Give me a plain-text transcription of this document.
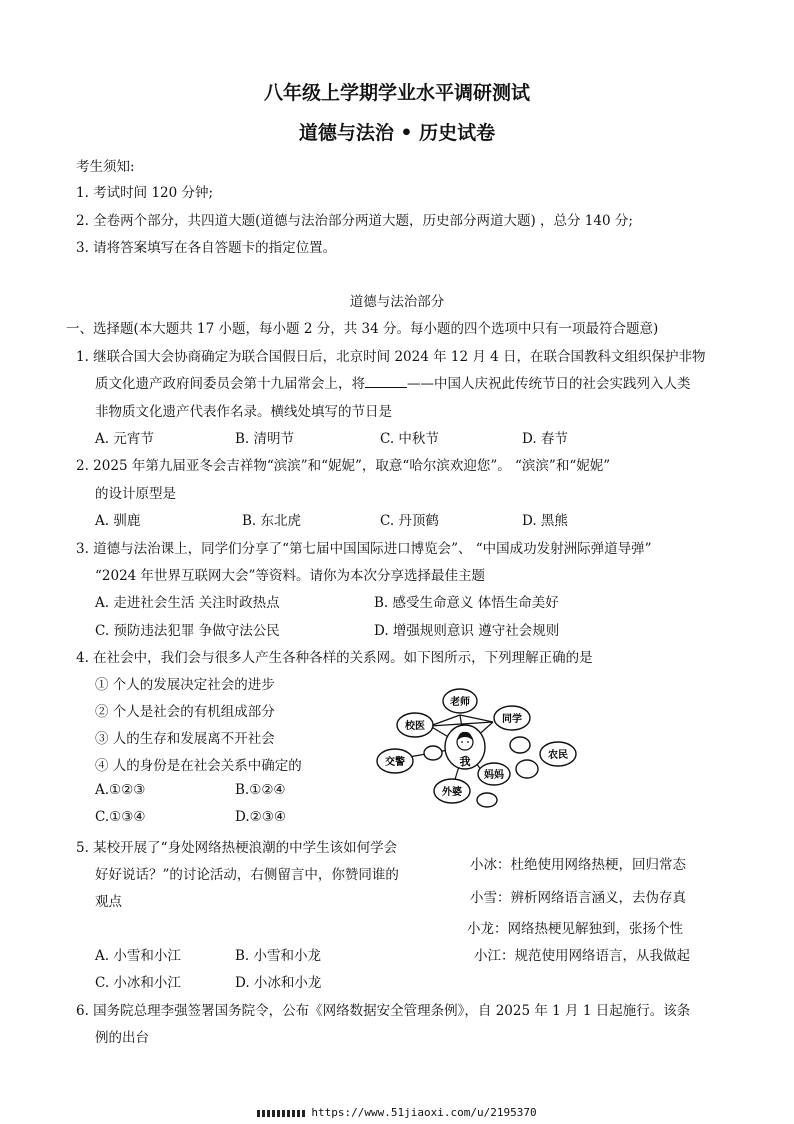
八年级上学期学业水平调研测试
道德与法治 • 历史试卷
考生须知:
1. 考试时间 120 分钟;
2. 全卷两个部分，共四道大题(道德与法治部分两道大题，历史部分两道大题) ，总分 140 分;
3. 请将答案填写在各自答题卡的指定位置。
道德与法治部分
一、选择题(本大题共 17 小题，每小题 2 分，共 34 分。每小题的四个选项中只有一项最符合题意)
1. 继联合国大会协商确定为联合国假日后，北京时间 2024 年 12 月 4 日，在联合国教科文组织保护非物
质文化遗产政府间委员会第十九届常会上，将	——中国人庆祝此传统节日的社会实践列入人类
非物质文化遗产代表作名录。横线处填写的节日是
A. 元宵节	B. 清明节	C. 中秋节	D. 春节
2. 2025 年第九届亚冬会吉祥物“滨滨”和“妮妮”，取意“哈尔滨欢迎您”。 “滨滨”和“妮妮”
的设计原型是
A. 驯鹿	B. 东北虎	C. 丹顶鹤	D. 黑熊
3. 道德与法治课上，同学们分享了“第七届中国国际进口博览会”、 “中国成功发射洲际弹道导弹”
“2024 年世界互联网大会”等资料。请你为本次分享选择最佳主题
A. 走进社会生活 关注时政热点	B. 感受生命意义 体悟生命美好
C. 预防违法犯罪 争做守法公民	D. 增强规则意识 遵守社会规则
4. 在社会中，我们会与很多人产生各种各样的关系网。如下图所示，下列理解正确的是
① 个人的发展决定社会的进步
② 个人是社会的有机组成部分
③ 人的生存和发展离不开社会
④ 人的身份是在社会关系中确定的
A.①②③	B.①②④
C.①③④	D.②③④
老师
同学
校医
交警
农民
妈妈
外婆
我
5. 某校开展了“身处网络热梗浪潮的中学生该如何学会
好好说话？”的讨论活动，右侧留言中，你赞同谁的
观点
小冰：杜绝使用网络热梗，回归常态
小雪：辨析网络语言涵义，去伪存真
小龙：网络热梗见解独到，张扬个性
小江：规范使用网络语言，从我做起
A. 小雪和小江	B. 小雪和小龙
C. 小冰和小江	D. 小冰和小龙
6. 国务院总理李强签署国务院令，公布《网络数据安全管理条例》，自 2025 年 1 月 1 日起施行。该条
例的出台
https://www.51jiaoxi.com/u/2195370
